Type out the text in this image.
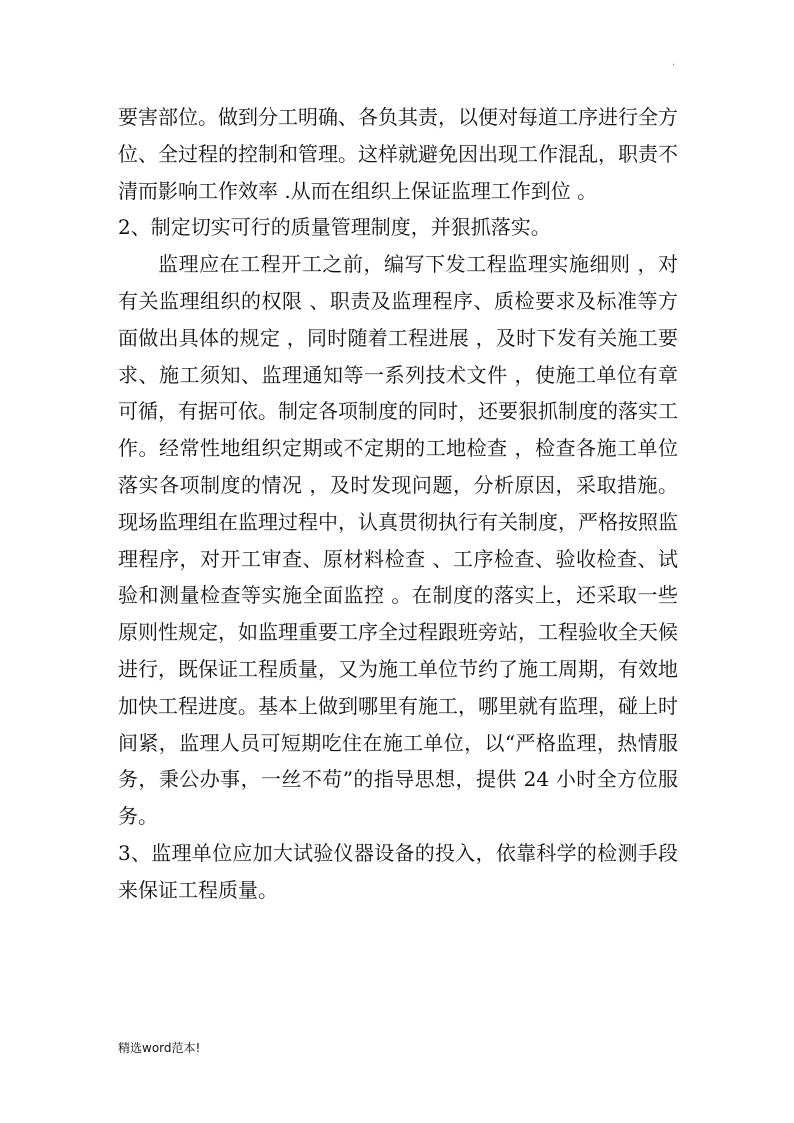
.

要害部位。做到分工明确、各负其责，以便对每道工序进行全方位、全过程的控制和管理。这样就避免因出现工作混乱，职责不清而影响工作效率 .从而在组织上保证监理工作到位 。

2、制定切实可行的质量管理制度，并狠抓落实。

监理应在工程开工之前，编写下发工程监理实施细则 ，对有关监理组织的权限 、职责及监理程序、质检要求及标准等方面做出具体的规定 ，同时随着工程进展 ，及时下发有关施工要求、施工须知、监理通知等一系列技术文件 ，使施工单位有章可循，有据可依。制定各项制度的同时，还要狠抓制度的落实工作。经常性地组织定期或不定期的工地检查 ，检查各施工单位落实各项制度的情况 ，及时发现问题，分析原因，采取措施。现场监理组在监理过程中，认真贯彻执行有关制度，严格按照监理程序，对开工审查、原材料检查 、工序检查、验收检查、试验和测量检查等实施全面监控 。在制度的落实上，还采取一些原则性规定，如监理重要工序全过程跟班旁站，工程验收全天候进行，既保证工程质量，又为施工单位节约了施工周期，有效地加快工程进度。基本上做到哪里有施工，哪里就有监理，碰上时间紧，监理人员可短期吃住在施工单位，以“严格监理，热情服务，秉公办事，一丝不苟”的指导思想，提供 24 小时全方位服务。

3、监理单位应加大试验仪器设备的投入，依靠科学的检测手段来保证工程质量。

精选word范本!
